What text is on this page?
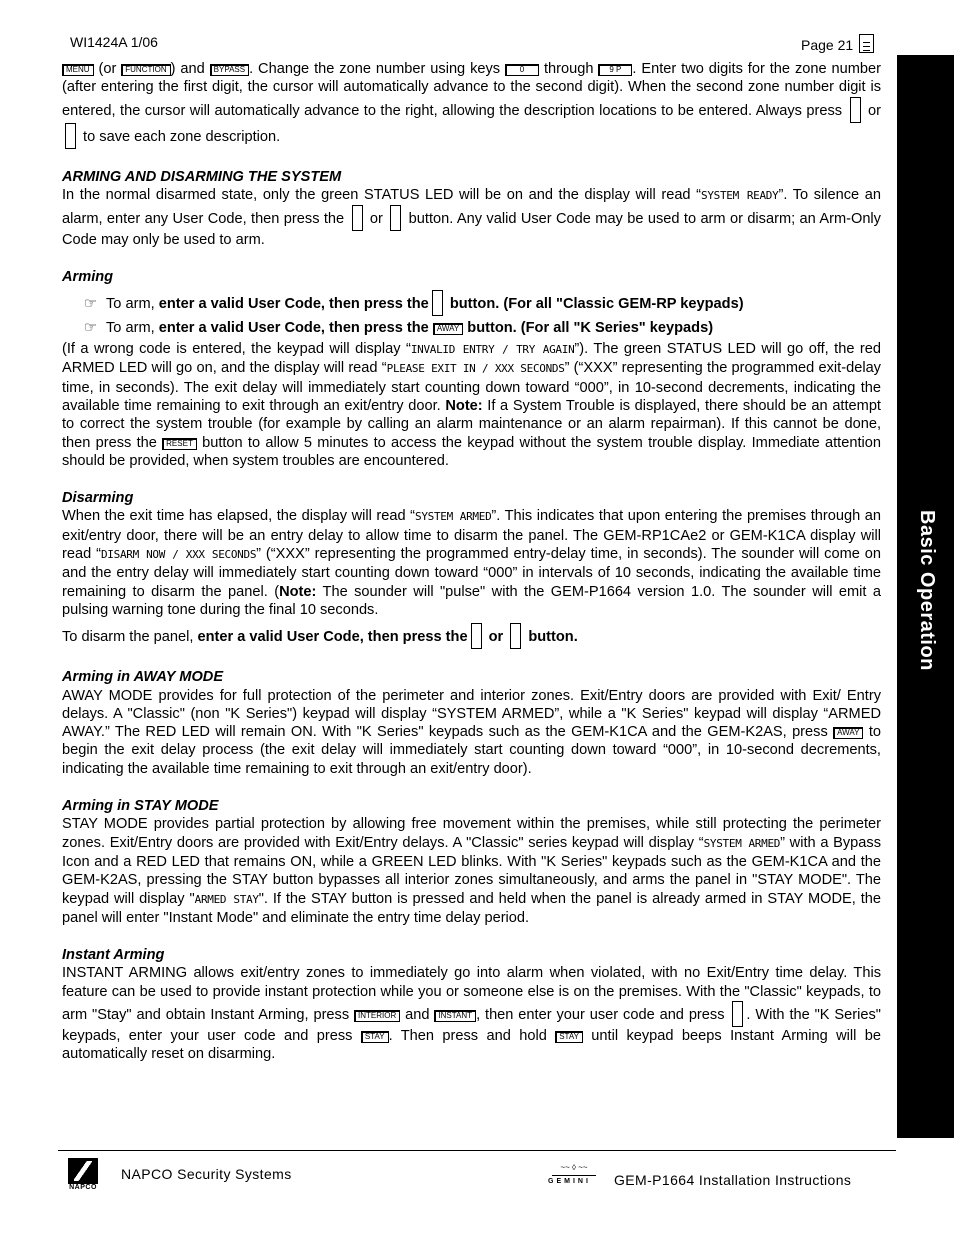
WI1424A 1/06	Page 21
Basic Operation

MENU (or FUNCTION ) and BYPASS . Change the zone number using keys 0 through 9 P . Enter two digits for the zone number (after entering the first digit, the cursor will automatically advance to the second digit). When the second zone number digit is entered, the cursor will automatically advance to the right, allowing the description locations to be entered. Always press  or  to save each zone description.

ARMING AND DISARMING THE SYSTEM

In the normal disarmed state, only the green STATUS LED will be on and the display will read “SYSTEM READY”. To silence an alarm, enter any User Code, then press the  or  button. Any valid User Code may be used to arm or disarm; an Arm-Only Code may only be used to arm.

Arming

☞ To arm, enter a valid User Code, then press the button. (For all "Classic GEM-RP keypads)

☞ To arm, enter a valid User Code, then press the AWAY button. (For all "K Series" keypads)

(If a wrong code is entered, the keypad will display “INVALID ENTRY / TRY AGAIN”). The green STATUS LED will go off, the red ARMED LED will go on, and the display will read “PLEASE EXIT IN / XXX SECONDS” (“XXX” representing the programmed exit-delay time, in seconds). The exit delay will immediately start counting down toward “000”, in 10-second decrements, indicating the available time remaining to exit through an exit/entry door. Note: If a System Trouble is displayed, there should be an attempt to correct the system trouble (for example by calling an alarm maintenance or an alarm repairman). If this cannot be done, then press the RESET button to allow 5 minutes to access the keypad without the system trouble display. Immediate attention should be provided, when system troubles are encountered.

Disarming

When the exit time has elapsed, the display will read “SYSTEM ARMED”. This indicates that upon entering the premises through an exit/entry door, there will be an entry delay to allow time to disarm the panel. The GEM-RP1CAe2 or GEM-K1CA display will read “DISARM NOW / XXX SECONDS” (“XXX” representing the programmed entry-delay time, in seconds). The sounder will come on and the entry delay will immediately start counting down toward “000” in intervals of 10 seconds, indicating the available time remaining to disarm the panel. (Note: The sounder will "pulse" with the GEM-P1664 version 1.0. The sounder will emit a pulsing warning tone during the final 10 seconds.

To disarm the panel, enter a valid User Code, then press the or  button.

Arming in AWAY MODE

AWAY MODE provides for full protection of the perimeter and interior zones. Exit/Entry doors are provided with Exit/ Entry delays. A "Classic" (non "K Series") keypad will display “SYSTEM ARMED”, while a "K Series" keypad will display “ARMED AWAY.” The RED LED will remain ON. With "K Series" keypads such as the GEM-K1CA and the GEM-K2AS, press AWAY to begin the exit delay process (the exit delay will immediately start counting down toward “000”, in 10-second decrements, indicating the available time remaining to exit through an exit/entry door).

Arming in STAY MODE

STAY MODE provides partial protection by allowing free movement within the premises, while still protecting the perimeter zones. Exit/Entry doors are provided with Exit/Entry delays. A "Classic" series keypad will display “SYSTEM ARMED” with a Bypass Icon and a RED LED that remains ON, while a GREEN LED blinks. With "K Series" keypads such as the GEM-K1CA and the GEM-K2AS, pressing the STAY button bypasses all interior zones simultaneously, and arms the panel in "STAY MODE". The keypad will display "ARMED STAY". If the STAY button is pressed and held when the panel is already armed in STAY MODE, the panel will enter "Instant Mode" and eliminate the entry time delay period.

Instant Arming

INSTANT ARMING allows exit/entry zones to immediately go into alarm when violated, with no Exit/Entry time delay. This feature can be used to provide instant protection while you or someone else is on the premises. With the "Classic" keypads, to arm "Stay" and obtain Instant Arming, press INTERIOR and INSTANT , then enter your user code and press . With the "K Series" keypads, enter your user code and press STAY . Then press and hold STAY until keypad beeps Instant Arming will be automatically reset on disarming.

NAPCO
NAPCO Security Systems	~~ ◊ ~~
GEMINI GEM-P1664 Installation Instructions
